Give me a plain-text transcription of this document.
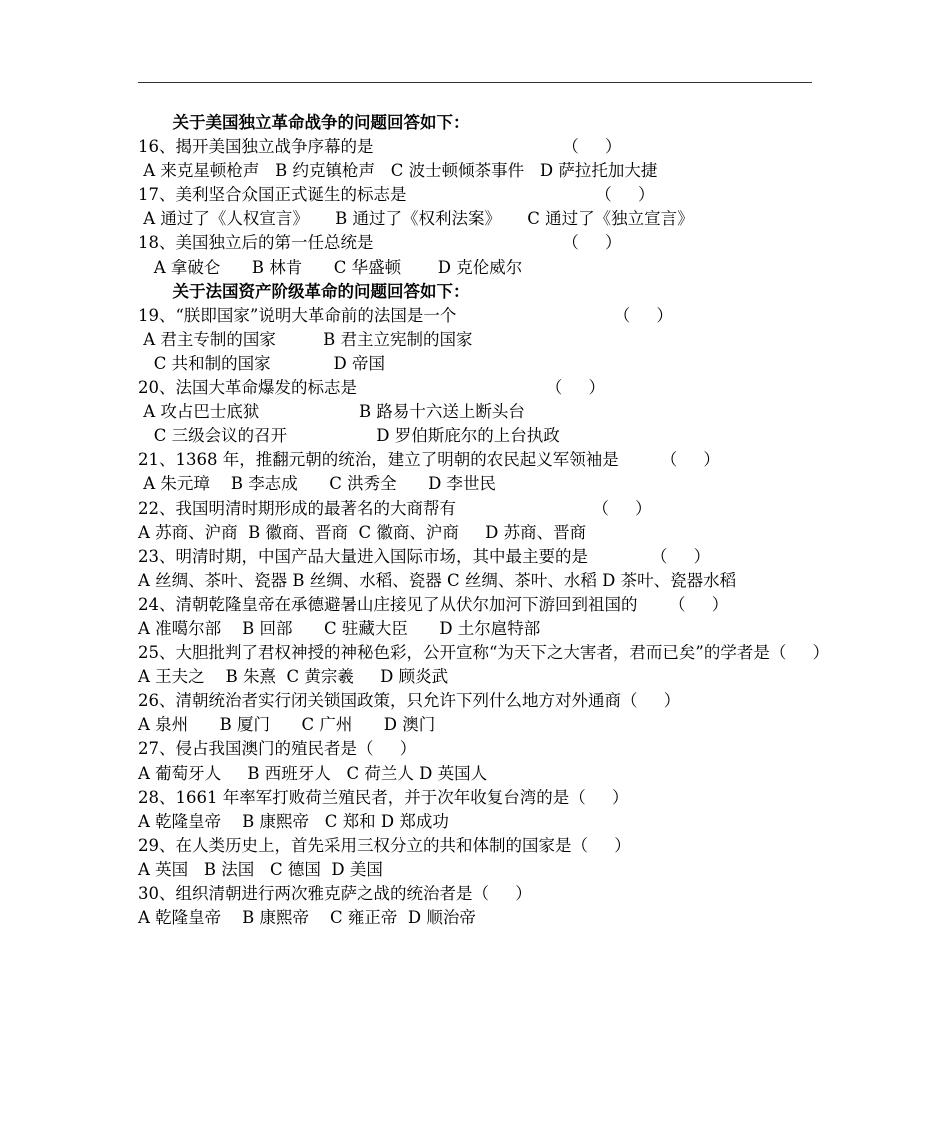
关于美国独立革命战争的问题回答如下：
16、揭开美国独立战争序幕的是                                    （     ）
A 来克星顿枪声   B 约克镇枪声   C 波士顿倾茶事件   D 萨拉托加大捷
17、美利坚合众国正式诞生的标志是                                    （     ）
A 通过了《人权宣言》     B 通过了《权利法案》     C 通过了《独立宣言》
18、美国独立后的第一任总统是                                    （     ）
A 拿破仑      B 林肯      C 华盛顿       D 克伦威尔
关于法国资产阶级革命的问题回答如下：
19、“朕即国家”说明大革命前的法国是一个                              （     ）
A 君主专制的国家         B 君主立宪制的国家
C 共和制的国家            D 帝国
20、法国大革命爆发的标志是                                    （     ）
A 攻占巴士底狱                   B 路易十六送上断头台
C 三级会议的召开                 D 罗伯斯庇尔的上台执政
21、1368 年，推翻元朝的统治，建立了明朝的农民起义军领袖是        （     ）
A 朱元璋    B 李志成      C 洪秀全      D 李世民
22、我国明清时期形成的最著名的大商帮有                          （     ）
A 苏商、沪商  B 徽商、晋商  C 徽商、沪商     D 苏商、晋商
23、明清时期，中国产品大量进入国际市场，其中最主要的是            （     ）
A 丝绸、茶叶、瓷器 B 丝绸、水稻、瓷器 C 丝绸、茶叶、水稻 D 茶叶、瓷器水稻
24、清朝乾隆皇帝在承德避暑山庄接见了从伏尔加河下游回到祖国的      （     ）
A 准噶尔部    B 回部      C 驻藏大臣      D 土尔扈特部
25、大胆批判了君权神授的神秘色彩，公开宣称“为天下之大害者，君而已矣”的学者是（     ）
A 王夫之    B 朱熹  C 黄宗羲     D 顾炎武
26、清朝统治者实行闭关锁国政策，只允许下列什么地方对外通商（     ）
A 泉州      B 厦门      C 广州      D 澳门
27、侵占我国澳门的殖民者是（     ）
A 葡萄牙人     B 西班牙人   C 荷兰人 D 英国人
28、1661 年率军打败荷兰殖民者，并于次年收复台湾的是（     ）
A 乾隆皇帝    B 康熙帝   C 郑和 D 郑成功
29、在人类历史上，首先采用三权分立的共和体制的国家是（     ）
A 英国   B 法国   C 德国  D 美国
30、组织清朝进行两次雅克萨之战的统治者是（     ）
A 乾隆皇帝    B 康熙帝    C 雍正帝  D 顺治帝
